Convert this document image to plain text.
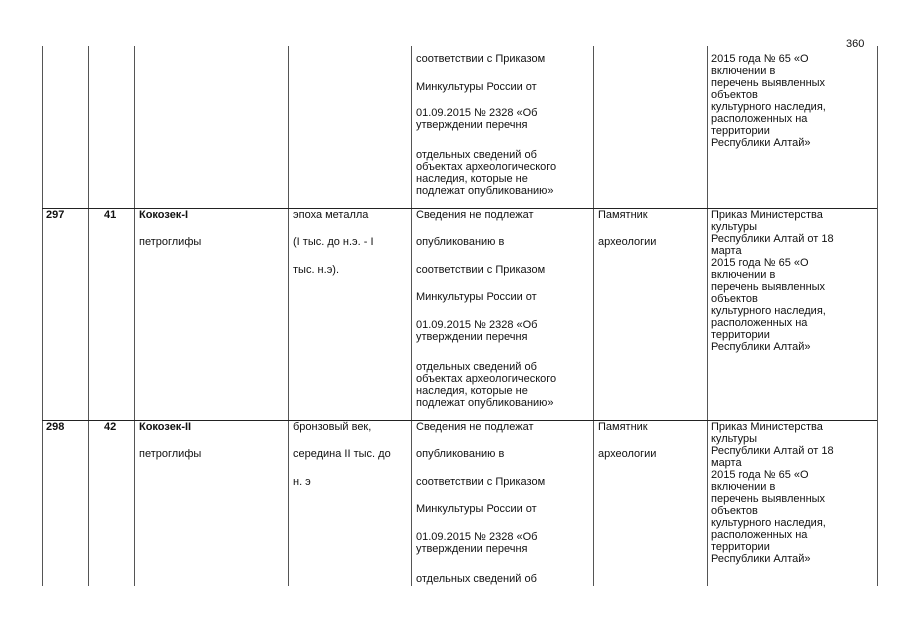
360
соответствии с Приказом
Минкультуры России от
01.09.2015 № 2328 «Об
утверждении перечня
отдельных сведений об
объектах археологического
наследия, которые не
подлежат опубликованию»
2015 года № 65 «О
включении в
перечень выявленных
объектов
культурного наследия,
расположенных на
территории
Республики Алтай»
297	41 Кокозек-I
петроглифы
эпоха металла
(I тыс. до н.э. - I
тыс. н.э).
Сведения не подлежат
опубликованию в
соответствии с Приказом
Минкультуры России от
01.09.2015 № 2328 «Об
утверждении перечня
отдельных сведений об
объектах археологического
наследия, которые не
подлежат опубликованию»
Памятник
археологии
Приказ Министерства
культуры
Республики Алтай от 18
марта
2015 года № 65 «О
включении в
перечень выявленных
объектов
культурного наследия,
расположенных на
территории
Республики Алтай»
298	42 Кокозек-II
петроглифы
бронзовый век,
середина II тыс. до
н. э
Сведения не подлежат
опубликованию в
соответствии с Приказом
Минкультуры России от
01.09.2015 № 2328 «Об
утверждении перечня
отдельных сведений об
Памятник
археологии
Приказ Министерства
культуры
Республики Алтай от 18
марта
2015 года № 65 «О
включении в
перечень выявленных
объектов
культурного наследия,
расположенных на
территории
Республики Алтай»
